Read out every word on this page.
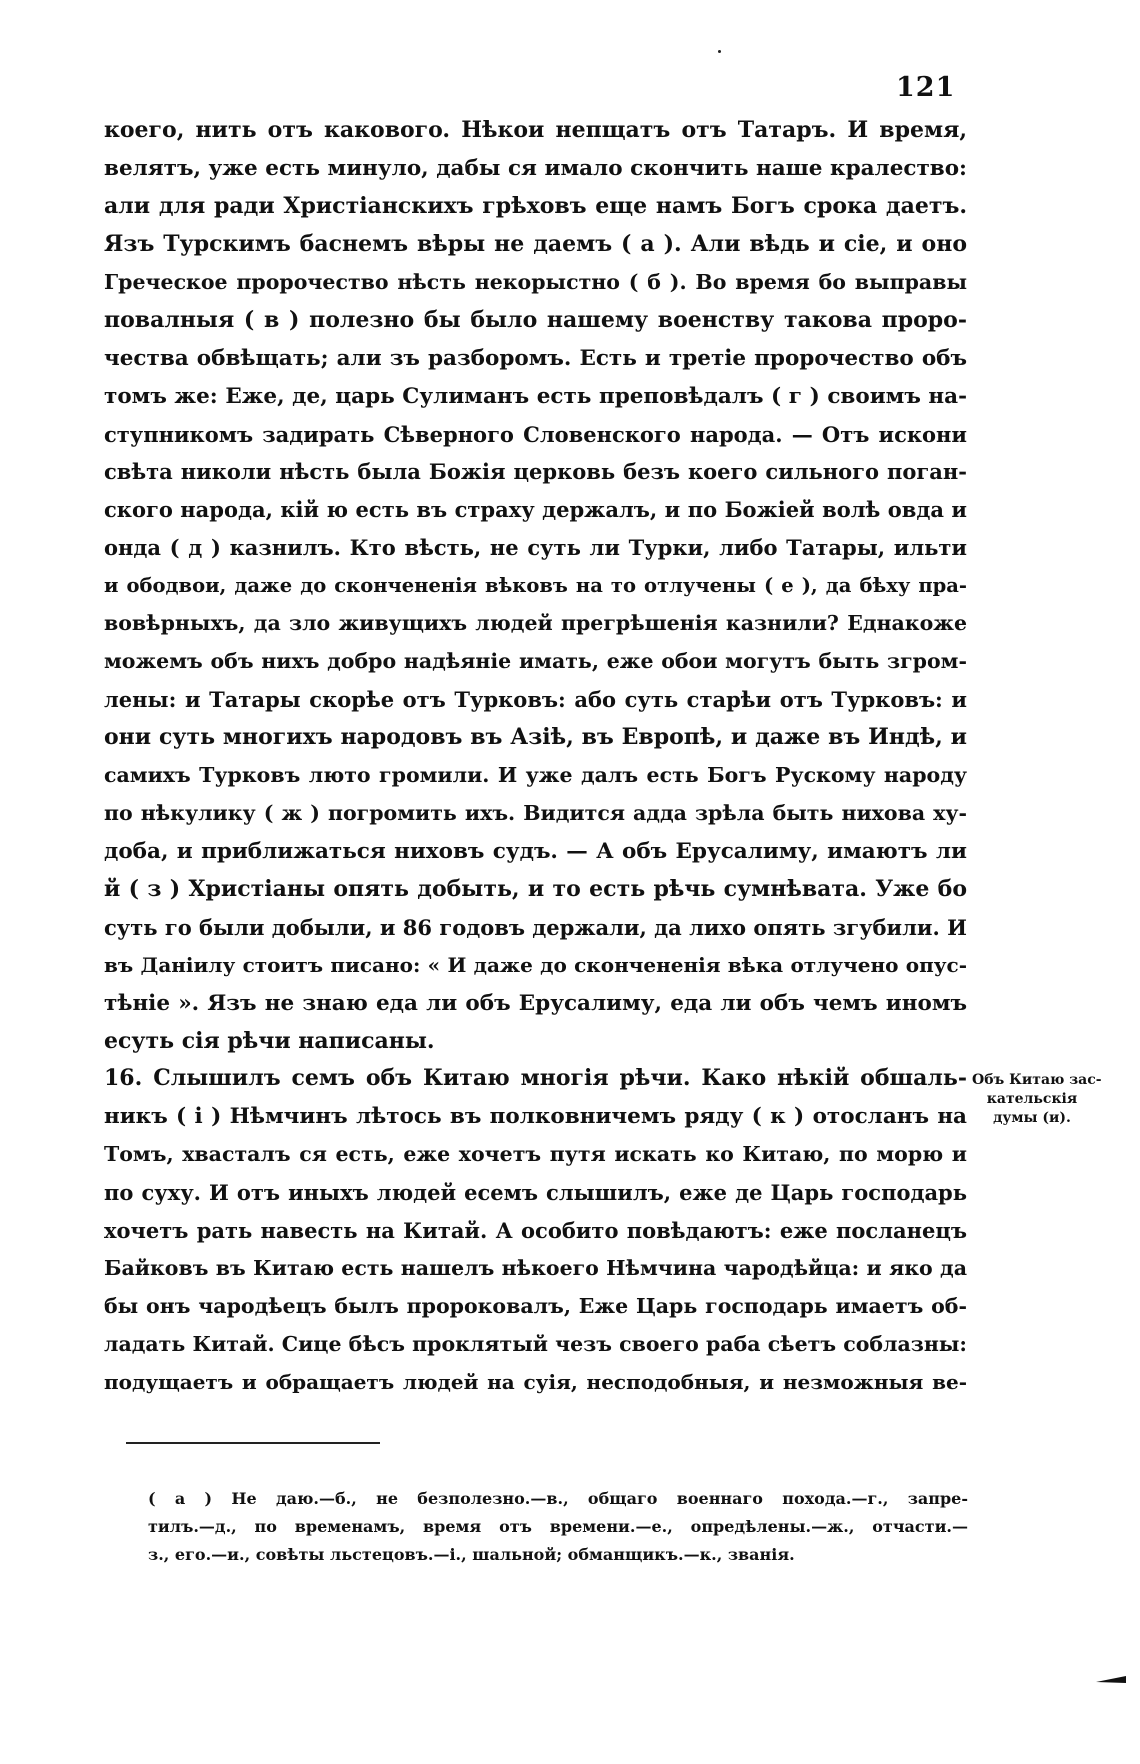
121
коего, нить отъ каковогo. Нѣкои непщатъ отъ Татаръ. И время,
велятъ, уже есть минуло, дабы ся имало скончить наше кралество:
али для ради Христіанскихъ грѣховъ еще намъ Богъ срока даетъ.
Язъ Турскимъ баснемъ вѣры не даемъ ( а ). Али вѣдь и сіе, и оно
Греческое пророчество нѣсть некорыстно ( б ). Во время бо выправы
повалныя ( в ) полезно бы было нашему военству такова проро-
чества обвѣщать; али зъ разборомъ. Есть и третіе пророчество объ
томъ же: Еже, де, царь Сулиманъ есть преповѣдалъ ( г ) своимъ на-
ступникомъ задирать Сѣверного Словенского народа. — Отъ искони
свѣта николи нѣсть была Божія церковь безъ коего сильного поган-
ского народа, кій ю есть въ страху держалъ, и по Божіей волѣ овда и
онда ( д ) казнилъ. Кто вѣсть, не суть ли Турки, либо Татары, ильти
и ободвои, даже до скончененія вѣковъ на то отлучены ( е ), да бѣху пра-
вовѣрныхъ, да зло живущихъ людей прегрѣшенія казнили? Еднакоже
можемъ объ нихъ добро надѣяніе имать, еже обои могутъ быть згром-
лены: и Татары скорѣе отъ Турковъ: або суть старѣи отъ Турковъ: и
они суть многихъ народовъ въ Азіѣ, въ Европѣ, и даже въ Индѣ, и
самихъ Турковъ люто громили. И уже далъ есть Богъ Рускому народу
по нѣкулику ( ж ) погромить ихъ. Видится адда зрѣла быть нихова ху-
доба, и приближаться ниховъ судъ. — А объ Ерусалиму, имаютъ ли
й ( з ) Христіаны опять добыть, и то есть рѣчь сумнѣвата. Уже бо
суть го были добыли, и 86 годовъ держали, да лихо опять згубили. И
въ Даніилу стоитъ писано: « И даже до скончененія вѣка отлучено опус-
тѣніе ». Язъ не знаю еда ли объ Ерусалиму, еда ли объ чемъ иномъ
есуть сія рѣчи написаны.
16. Слышилъ семъ объ Китаю многія рѣчи. Како нѣкій обшаль-
никъ ( і ) Нѣмчинъ лѣтось въ полковничемъ ряду ( к ) отосланъ на
Томъ, хвасталъ ся есть, еже хочетъ путя искать ко Китаю, по морю и
по суху. И отъ иныхъ людей есемъ слышилъ, еже де Царь господарь
хочетъ рать навесть на Китай. А особито повѣдаютъ: еже посланецъ
Байковъ въ Китаю есть нашелъ нѣкоего Нѣмчина чародѣйца: и яко да
бы онъ чародѣецъ былъ пророковалъ, Еже Царь господарь имаетъ об-
ладать Китай. Сице бѣсъ проклятый чезъ своего раба сѣетъ соблазны:
подущаетъ и обращаетъ людей на суія, несподобныя, и незможныя ве-
Объ Китаю зас-
кательскія
думы (и).
( а ) Не даю.—б., не безполезно.—в., общаго военнаго похода.—г., запре-
тилъ.—д., по временамъ, время отъ времени.—е., опредѣлены.—ж., отчасти.—
з., его.—и., совѣты льстецовъ.—і., шальной; обманщикъ.—к., званія.
